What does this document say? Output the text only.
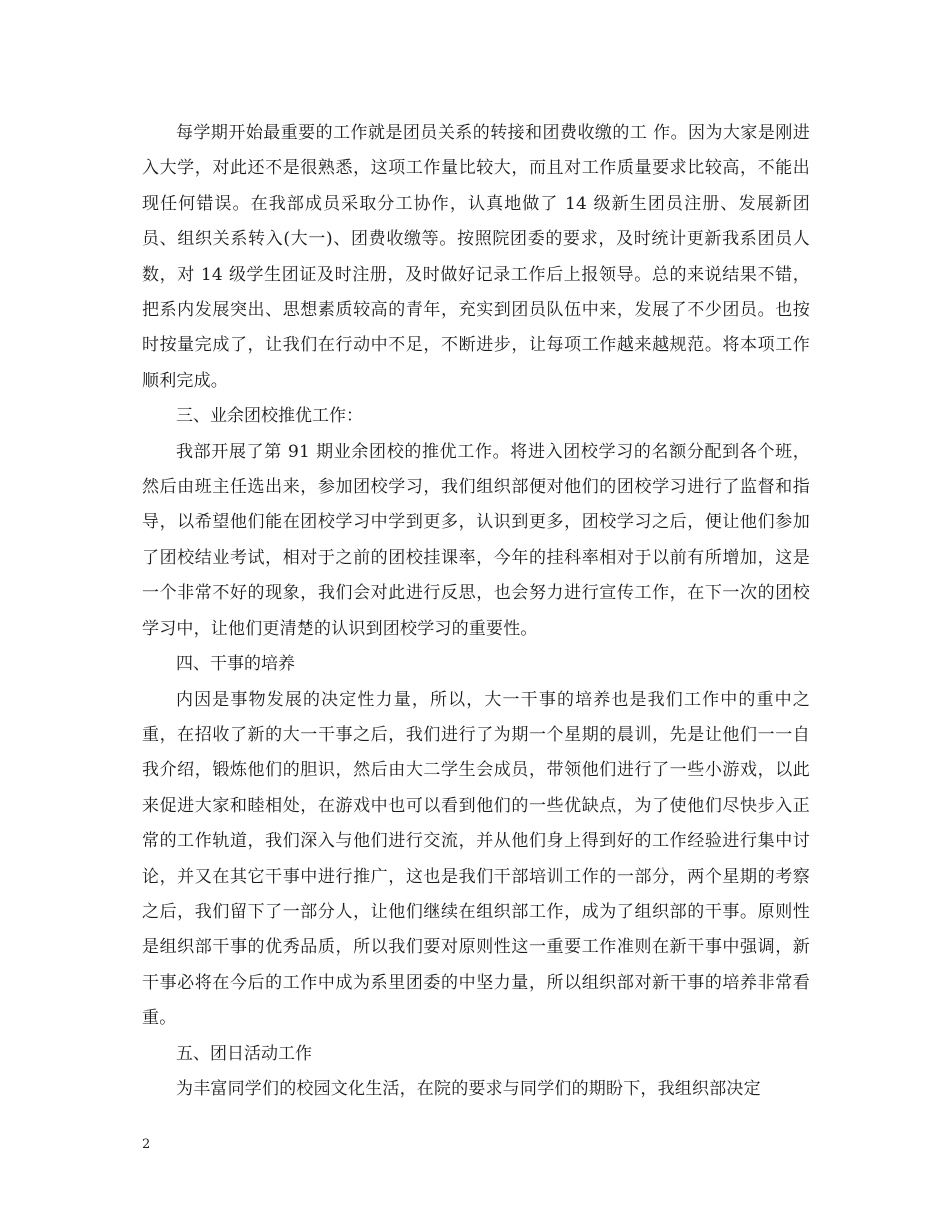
每学期开始最重要的工作就是团员关系的转接和团费收缴的工 作。因为大家是刚进入大学，对此还不是很熟悉，这项工作量比较大，而且对工作质量要求比较高，不能出现任何错误。在我部成员采取分工协作，认真地做了 14 级新生团员注册、发展新团员、组织关系转入(大一)、团费收缴等。按照院团委的要求，及时统计更新我系团员人数，对 14 级学生团证及时注册，及时做好记录工作后上报领导。总的来说结果不错，把系内发展突出、思想素质较高的青年，充实到团员队伍中来，发展了不少团员。也按时按量完成了，让我们在行动中不足，不断进步，让每项工作越来越规范。将本项工作顺利完成。

三、业余团校推优工作：

我部开展了第 91 期业余团校的推优工作。将进入团校学习的名额分配到各个班，然后由班主任选出来，参加团校学习，我们组织部便对他们的团校学习进行了监督和指导，以希望他们能在团校学习中学到更多，认识到更多，团校学习之后，便让他们参加了团校结业考试，相对于之前的团校挂课率，今年的挂科率相对于以前有所增加，这是一个非常不好的现象，我们会对此进行反思，也会努力进行宣传工作，在下一次的团校学习中，让他们更清楚的认识到团校学习的重要性。

四、干事的培养

内因是事物发展的决定性力量，所以，大一干事的培养也是我们工作中的重中之重，在招收了新的大一干事之后，我们进行了为期一个星期的晨训，先是让他们一一自我介绍，锻炼他们的胆识，然后由大二学生会成员，带领他们进行了一些小游戏，以此来促进大家和睦相处，在游戏中也可以看到他们的一些优缺点，为了使他们尽快步入正常的工作轨道，我们深入与他们进行交流，并从他们身上得到好的工作经验进行集中讨论，并又在其它干事中进行推广，这也是我们干部培训工作的一部分，两个星期的考察之后，我们留下了一部分人，让他们继续在组织部工作，成为了组织部的干事。原则性是组织部干事的优秀品质，所以我们要对原则性这一重要工作准则在新干事中强调，新干事必将在今后的工作中成为系里团委的中坚力量，所以组织部对新干事的培养非常看重。

五、团日活动工作

为丰富同学们的校园文化生活，在院的要求与同学们的期盼下，我组织部决定

2
